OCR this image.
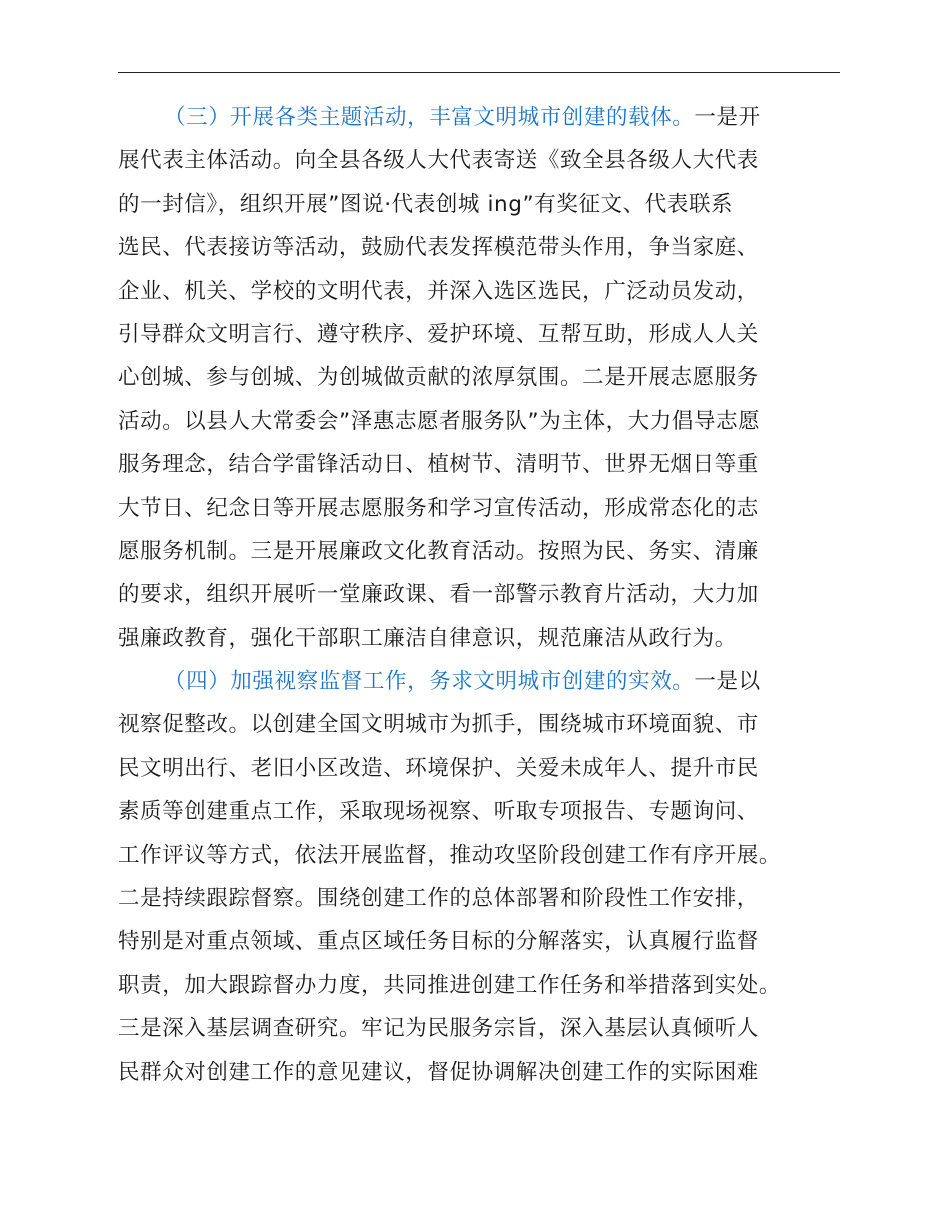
（三）开展各类主题活动，丰富文明城市创建的载体。一是开
展代表主体活动。向全县各级人大代表寄送《致全县各级人大代表
的一封信》，组织开展”图说·代表创城 ing”有奖征文、代表联系
选民、代表接访等活动，鼓励代表发挥模范带头作用，争当家庭、
企业、机关、学校的文明代表，并深入选区选民，广泛动员发动，
引导群众文明言行、遵守秩序、爱护环境、互帮互助，形成人人关
心创城、参与创城、为创城做贡献的浓厚氛围。二是开展志愿服务
活动。以县人大常委会”泽惠志愿者服务队”为主体，大力倡导志愿
服务理念，结合学雷锋活动日、植树节、清明节、世界无烟日等重
大节日、纪念日等开展志愿服务和学习宣传活动，形成常态化的志
愿服务机制。三是开展廉政文化教育活动。按照为民、务实、清廉
的要求，组织开展听一堂廉政课、看一部警示教育片活动，大力加
强廉政教育，强化干部职工廉洁自律意识，规范廉洁从政行为。
（四）加强视察监督工作，务求文明城市创建的实效。一是以
视察促整改。以创建全国文明城市为抓手，围绕城市环境面貌、市
民文明出行、老旧小区改造、环境保护、关爱未成年人、提升市民
素质等创建重点工作，采取现场视察、听取专项报告、专题询问、
工作评议等方式，依法开展监督，推动攻坚阶段创建工作有序开展。
二是持续跟踪督察。围绕创建工作的总体部署和阶段性工作安排，
特别是对重点领域、重点区域任务目标的分解落实，认真履行监督
职责，加大跟踪督办力度，共同推进创建工作任务和举措落到实处。
三是深入基层调查研究。牢记为民服务宗旨，深入基层认真倾听人
民群众对创建工作的意见建议，督促协调解决创建工作的实际困难
